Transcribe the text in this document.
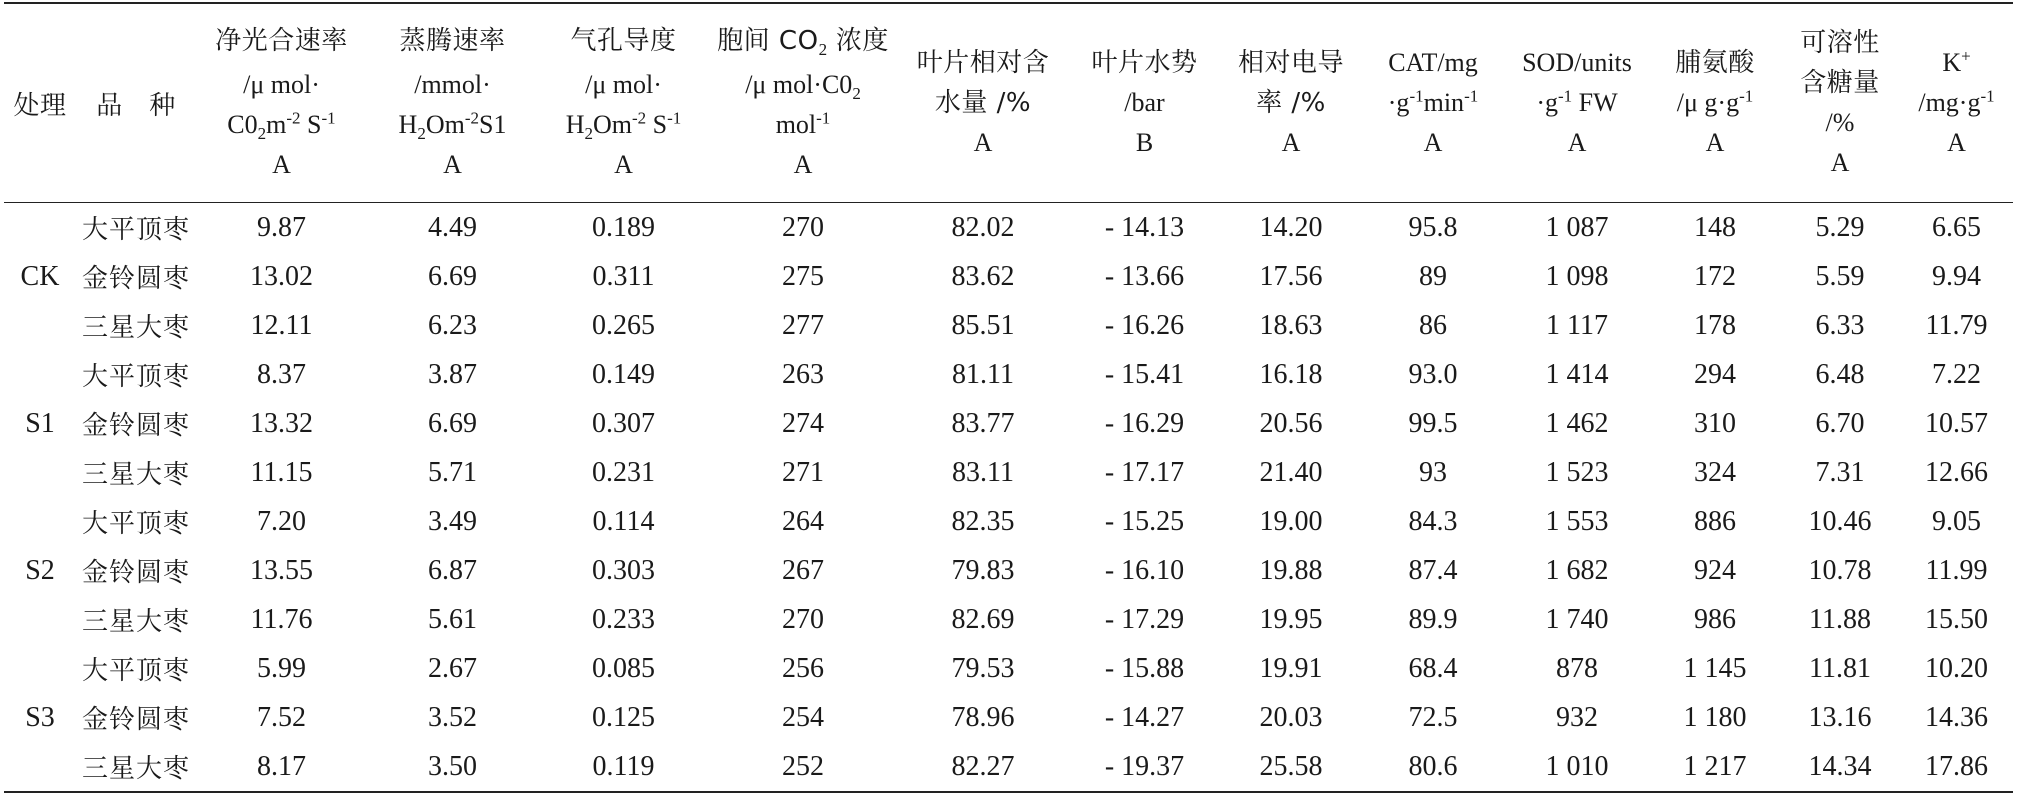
处理	品　种	净光合速率
/μ mol·
$C0_2m^{-2}$ $S^{-1}$
A	蒸腾速率
/mmol·
$H_2Om^{-2}S1$
A	气孔导度
/μ mol·
$H_2Om^{-2}$ $S^{-1}$
A	胞间 $CO_2$ 浓度
/μ $mol\cdot C0_2$
mol$^{-1}$
A	叶片相对含
水量 /%
A	叶片水势
/bar
B	相对电导
率 /%
A	CAT/mg
$\cdot g^{-1}\min^{-1}$
A	SOD/units
$\cdot g^{-1}$ FW
A	脯氨酸
/μ $g\cdot g^{-1}$
A	可溶性
含糖量
/%
A	K+
$/mg\cdot g^{-1}$
A

CK	大平顶枣	9.87	4.49	0.189	270	82.02	- 14.13	14.20	95.8	1 087	148	5.29	6.65
	金铃圆枣	13.02	6.69	0.311	275	83.62	- 13.66	17.56	89	1 098	172	5.59	9.94
	三星大枣	12.11	6.23	0.265	277	85.51	- 16.26	18.63	86	1 117	178	6.33	11.79
S1	大平顶枣	8.37	3.87	0.149	263	81.11	- 15.41	16.18	93.0	1 414	294	6.48	7.22
	金铃圆枣	13.32	6.69	0.307	274	83.77	- 16.29	20.56	99.5	1 462	310	6.70	10.57
	三星大枣	11.15	5.71	0.231	271	83.11	- 17.17	21.40	93	1 523	324	7.31	12.66
S2	大平顶枣	7.20	3.49	0.114	264	82.35	- 15.25	19.00	84.3	1 553	886	10.46	9.05
	金铃圆枣	13.55	6.87	0.303	267	79.83	- 16.10	19.88	87.4	1 682	924	10.78	11.99
	三星大枣	11.76	5.61	0.233	270	82.69	- 17.29	19.95	89.9	1 740	986	11.88	15.50
S3	大平顶枣	5.99	2.67	0.085	256	79.53	- 15.88	19.91	68.4	878	1 145	11.81	10.20
	金铃圆枣	7.52	3.52	0.125	254	78.96	- 14.27	20.03	72.5	932	1 180	13.16	14.36
	三星大枣	8.17	3.50	0.119	252	82.27	- 19.37	25.58	80.6	1 010	1 217	14.34	17.86
